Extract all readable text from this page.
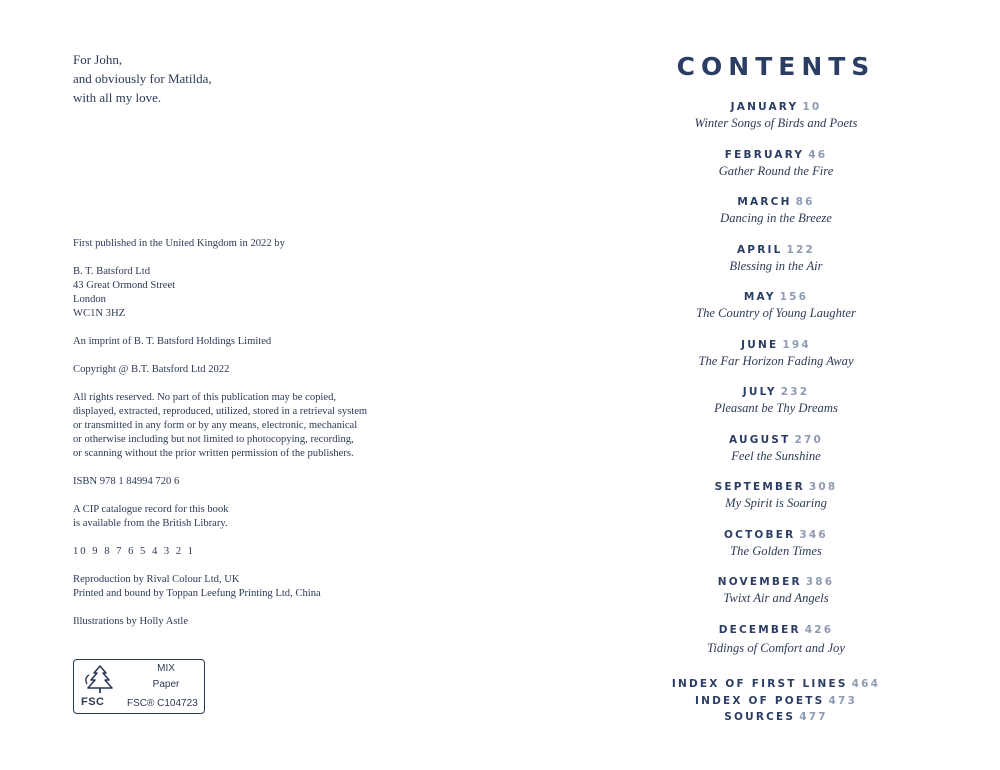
For John,
and obviously for Matilda,
with all my love.
First published in the United Kingdom in 2022 by
B. T. Batsford Ltd
43 Great Ormond Street
London
WC1N 3HZ
An imprint of B. T. Batsford Holdings Limited
Copyright @ B.T. Batsford Ltd 2022
All rights reserved. No part of this publication may be copied,
displayed, extracted, reproduced, utilized, stored in a retrieval system
or transmitted in any form or by any means, electronic, mechanical
or otherwise including but not limited to photocopying, recording,
or scanning without the prior written permission of the publishers.
ISBN 978 1 84994 720 6
A CIP catalogue record for this book
is available from the British Library.
10 9 8 7 6 5 4 3 2 1
Reproduction by Rival Colour Ltd, UK
Printed and bound by Toppan Leefung Printing Ltd, China
Illustrations by Holly Astle
FSC
MIX
Paper
FSC® C104723
CONTENTS
JANUARY 10
Winter Songs of Birds and Poets
FEBRUARY 46
Gather Round the Fire
MARCH 86
Dancing in the Breeze
APRIL 122
Blessing in the Air
MAY 156
The Country of Young Laughter
JUNE 194
The Far Horizon Fading Away
JULY 232
Pleasant be Thy Dreams
AUGUST 270
Feel the Sunshine
SEPTEMBER 308
My Spirit is Soaring
OCTOBER 346
The Golden Times
NOVEMBER 386
Twixt Air and Angels
DECEMBER 426
Tidings of Comfort and Joy
INDEX OF FIRST LINES 464
INDEX OF POETS 473
SOURCES 477
